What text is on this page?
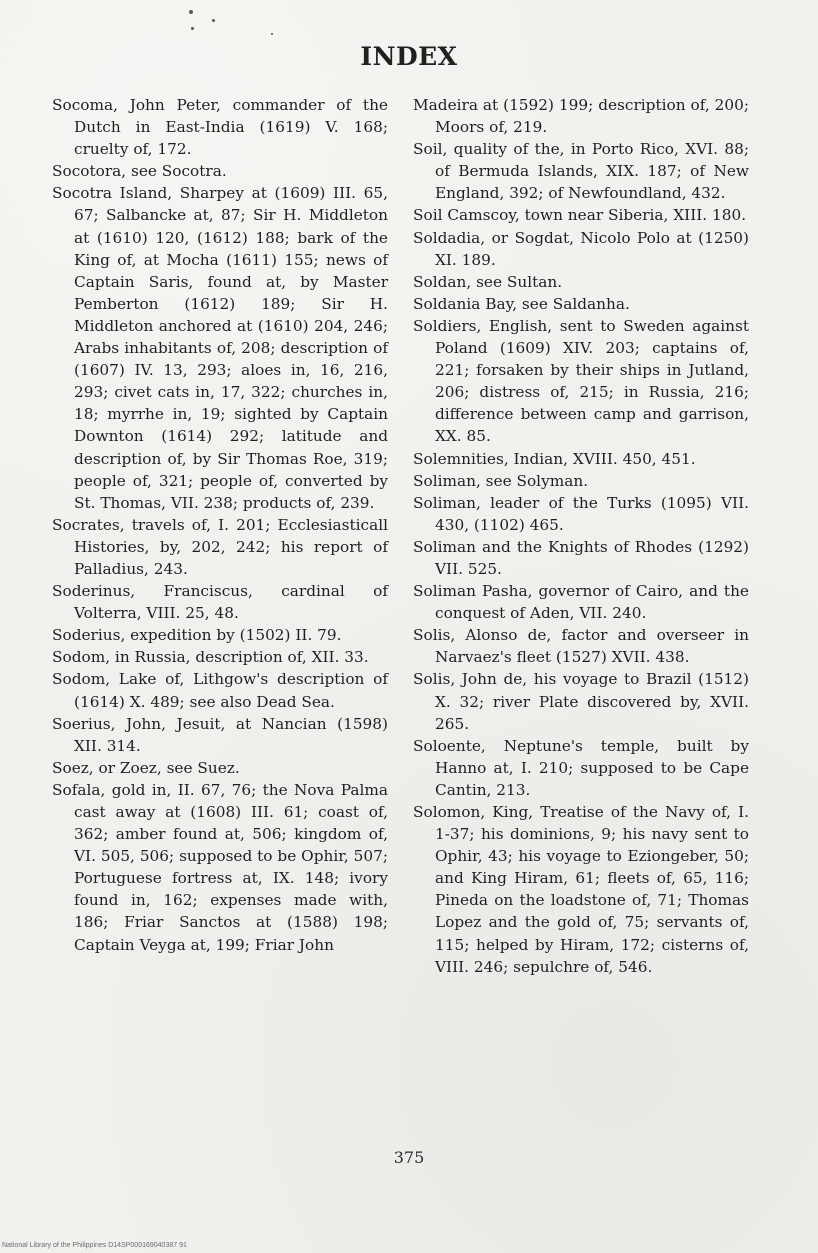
INDEX

Socoma, John Peter, commander of the Dutch in East-India (1619) V. 168; cruelty of, 172.

Socotora, see Socotra.

Socotra Island, Sharpey at (1609) III. 65, 67; Salbancke at, 87; Sir H. Middleton at (1610) 120, (1612) 188; bark of the King of, at Mocha (1611) 155; news of Captain Saris, found at, by Master Pemberton (1612) 189; Sir H. Middleton anchored at (1610) 204, 246; Arabs inhabitants of, 208; description of (1607) IV. 13, 293; aloes in, 16, 216, 293; civet cats in, 17, 322; churches in, 18; myrrhe in, 19; sighted by Captain Downton (1614) 292; latitude and description of, by Sir Thomas Roe, 319; people of, 321; people of, converted by St. Thomas, VII. 238; products of, 239.

Socrates, travels of, I. 201; Ecclesiasticall Histories, by, 202, 242; his report of Palladius, 243.

Soderinus, Franciscus, cardinal of Volterra, VIII. 25, 48.

Soderius, expedition by (1502) II. 79.

Sodom, in Russia, description of, XII. 33.

Sodom, Lake of, Lithgow's description of (1614) X. 489; see also Dead Sea.

Soerius, John, Jesuit, at Nancian (1598) XII. 314.

Soez, or Zoez, see Suez.

Sofala, gold in, II. 67, 76; the Nova Palma cast away at (1608) III. 61; coast of, 362; amber found at, 506; kingdom of, VI. 505, 506; supposed to be Ophir, 507; Portuguese fortress at, IX. 148; ivory found in, 162; expenses made with, 186; Friar Sanctos at (1588) 198; Captain Veyga at, 199; Friar John

Madeira at (1592) 199; description of, 200; Moors of, 219.

Soil, quality of the, in Porto Rico, XVI. 88; of Bermuda Islands, XIX. 187; of New England, 392; of Newfoundland, 432.

Soil Camscoy, town near Siberia, XIII. 180.

Soldadia, or Sogdat, Nicolo Polo at (1250) XI. 189.

Soldan, see Sultan.

Soldania Bay, see Saldanha.

Soldiers, English, sent to Sweden against Poland (1609) XIV. 203; captains of, 221; forsaken by their ships in Jutland, 206; distress of, 215; in Russia, 216; difference between camp and garrison, XX. 85.

Solemnities, Indian, XVIII. 450, 451.

Soliman, see Solyman.

Soliman, leader of the Turks (1095) VII. 430, (1102) 465.

Soliman and the Knights of Rhodes (1292) VII. 525.

Soliman Pasha, governor of Cairo, and the conquest of Aden, VII. 240.

Solis, Alonso de, factor and overseer in Narvaez's fleet (1527) XVII. 438.

Solis, John de, his voyage to Brazil (1512) X. 32; river Plate discovered by, XVII. 265.

Soloente, Neptune's temple, built by Hanno at, I. 210; supposed to be Cape Cantin, 213.

Solomon, King, Treatise of the Navy of, I. 1-37; his dominions, 9; his navy sent to Ophir, 43; his voyage to Eziongeber, 50; and King Hiram, 61; fleets of, 65, 116; Pineda on the loadstone of, 71; Thomas Lopez and the gold of, 75; servants of, 115; helped by Hiram, 172; cisterns of, VIII. 246; sepulchre of, 546.

375
National Library of the Philippines D14SP000169040387 91
